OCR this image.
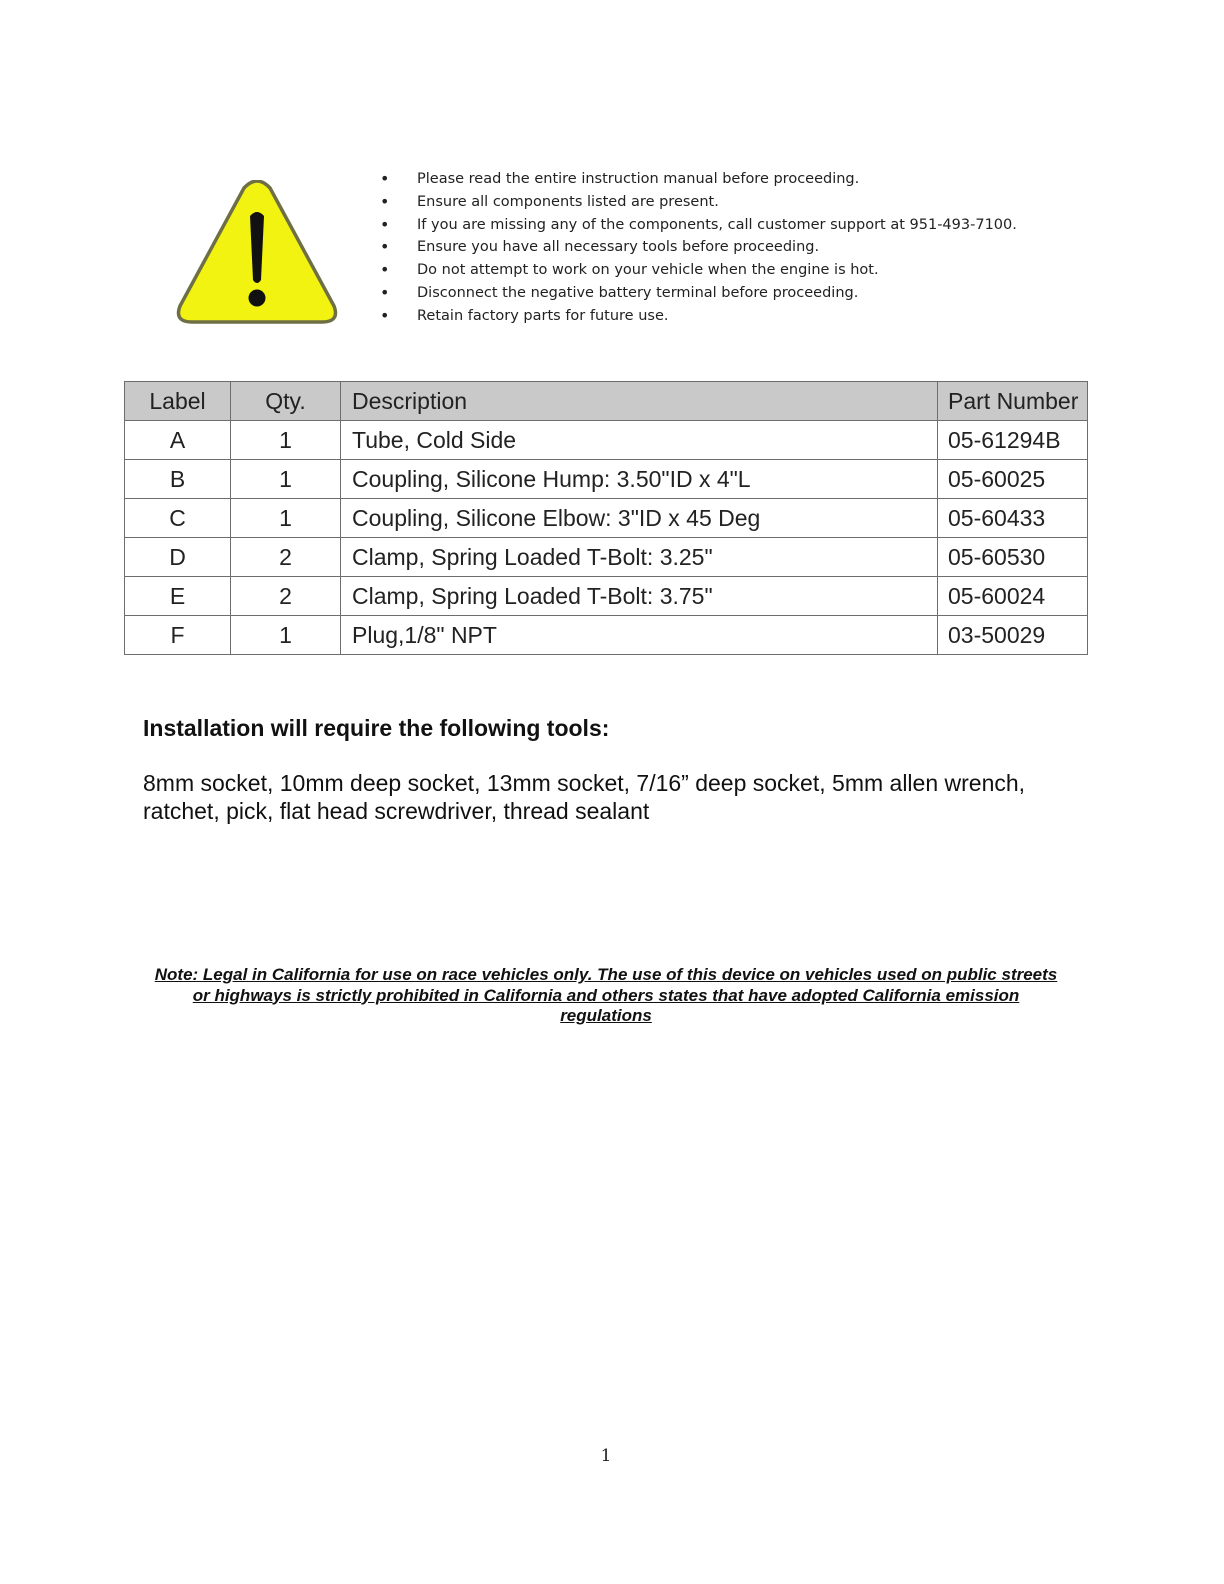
• Please read the entire instruction manual before proceeding.
• Ensure all components listed are present.
• If you are missing any of the components, call customer support at 951-493-7100.
• Ensure you have all necessary tools before proceeding.
• Do not attempt to work on your vehicle when the engine is hot.
• Disconnect the negative battery terminal before proceeding.
• Retain factory parts for future use.
Label	Qty.	Description	Part Number
A	1	Tube, Cold Side	05-61294B
B	1	Coupling, Silicone Hump: 3.50"ID x 4"L	05-60025
C	1	Coupling, Silicone Elbow: 3"ID x 45 Deg	05-60433
D	2	Clamp, Spring Loaded T-Bolt: 3.25"	05-60530
E	2	Clamp, Spring Loaded T-Bolt: 3.75"	05-60024
F	1	Plug,1/8" NPT	03-50029
Installation will require the following tools:

8mm socket, 10mm deep socket, 13mm socket, 7/16” deep socket, 5mm allen wrench, ratchet, pick, flat head screwdriver, thread sealant

Note: Legal in California for use on race vehicles only. The use of this device on vehicles used on public streets or highways is strictly prohibited in California and others states that have adopted California emission regulations

1
